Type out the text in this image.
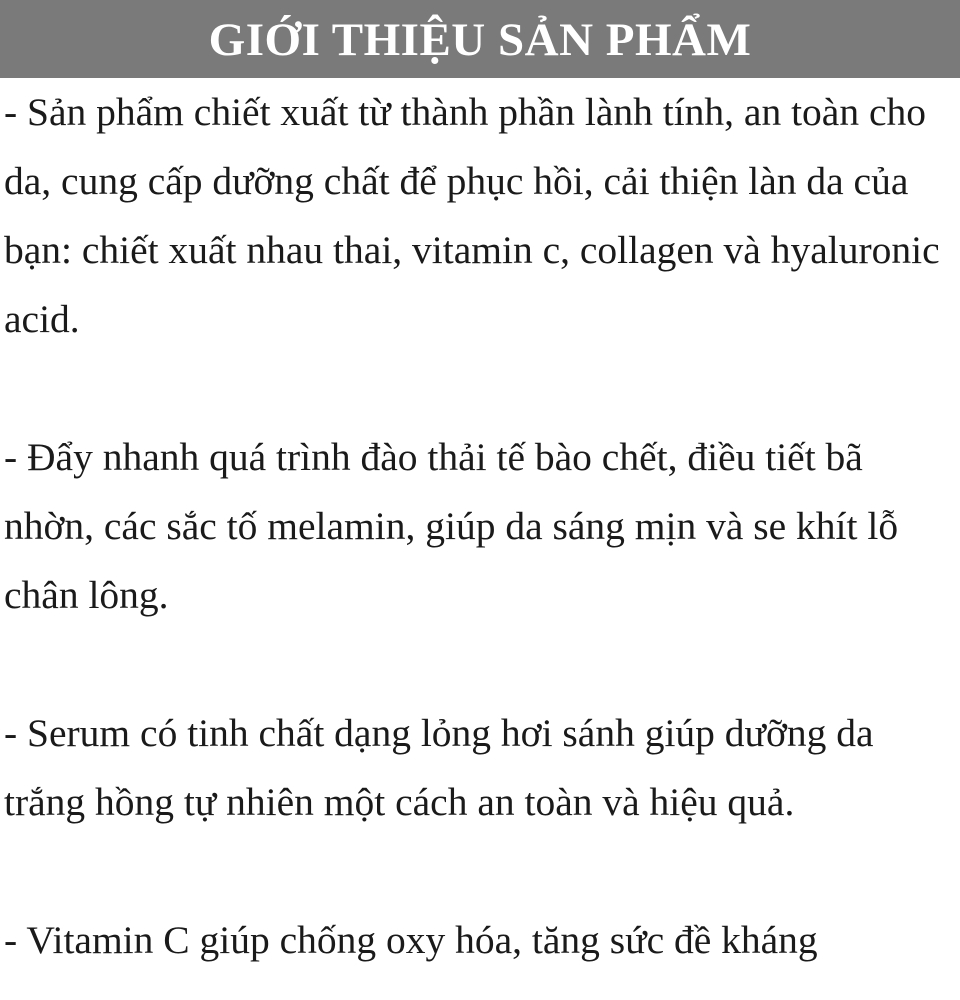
GIỚI THIỆU SẢN PHẨM

- Sản phẩm chiết xuất từ thành phần lành tính, an toàn cho da, cung cấp dưỡng chất để phục hồi, cải thiện làn da của bạn: chiết xuất nhau thai, vitamin c, collagen và hyaluronic acid.

- Đẩy nhanh quá trình đào thải tế bào chết, điều tiết bã nhờn, các sắc tố melamin, giúp da sáng mịn và se khít lỗ chân lông.

- Serum có tinh chất dạng lỏng hơi sánh giúp dưỡng da trắng hồng tự nhiên một cách an toàn và hiệu quả.

- Vitamin C giúp chống oxy hóa, tăng sức đề kháng
